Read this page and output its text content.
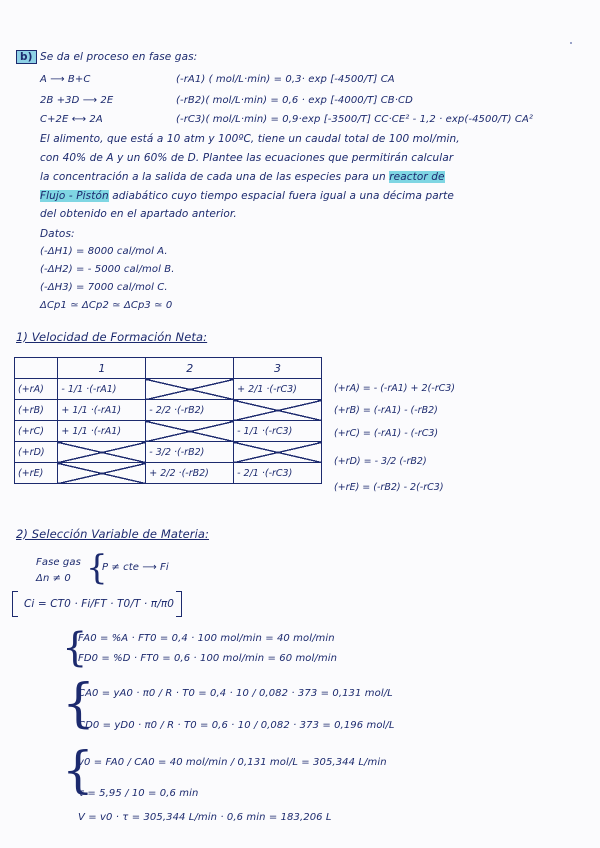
b) Se da el proceso en fase gas:
A ⟶ B+C	(-rA1) ( mol/L·min) = 0,3· exp [-4500/T] CA
2B +3D ⟶ 2E	(-rB2)( mol/L·min) = 0,6 · exp [-4000/T] CB·CD
C+2E ⟷ 2A	(-rC3)( mol/L·min) = 0,9·exp [-3500/T] CC·CE² - 1,2 · exp(-4500/T) CA²
El alimento, que está a 10 atm y 100ºC, tiene un caudal total de 100 mol/min,
con 40% de A y un 60% de D. Plantee las ecuaciones que permitirán calcular
la concentración a la salida de cada una de las especies para un reactor de
Flujo - Pistón adiabático cuyo tiempo espacial fuera igual a una décima parte
del obtenido en el apartado anterior.
Datos:
(-ΔH1) = 8000 cal/mol A.
(-ΔH2) = - 5000 cal/mol B.
(-ΔH3) = 7000 cal/mol C.
ΔCp1 ≃ ΔCp2 ≃ ΔCp3 ≃ 0
1) Velocidad de Formación Neta:
	1	2	3
(+rA)	- 1/1 ·(-rA1)		+ 2/1 ·(-rC3)
(+rB)	+ 1/1 ·(-rA1)	- 2/2 ·(-rB2)	
(+rC)	+ 1/1 ·(-rA1)		- 1/1 ·(-rC3)
(+rD)		- 3/2 ·(-rB2)	
(+rE)		+ 2/2 ·(-rB2)	- 2/1 ·(-rC3)
(+rA) = - (-rA1) + 2(-rC3)
(+rB) = (-rA1) - (-rB2)
(+rC) = (-rA1) - (-rC3)
(+rD) = - 3/2 (-rB2)
(+rE) = (-rB2) - 2(-rC3)
2) Selección Variable de Materia:
Fase gas
Δn ≠ 0 {
P ≠ cte ⟶ Fi
Ci = CT0 · Fi/FT · T0/T · π/π0
{
FA0 = %A · FT0 = 0,4 · 100 mol/min = 40 mol/min
FD0 = %D · FT0 = 0,6 · 100 mol/min = 60 mol/min
{
CA0 = yA0 · π0 / R · T0 = 0,4 · 10 / 0,082 · 373 = 0,131 mol/L
CD0 = yD0 · π0 / R · T0 = 0,6 · 10 / 0,082 · 373 = 0,196 mol/L
{
v0 = FA0 / CA0 = 40 mol/min / 0,131 mol/L = 305,344 L/min
τ = 5,95 / 10 = 0,6 min
V = v0 · τ = 305,344 L/min · 0,6 min = 183,206 L
